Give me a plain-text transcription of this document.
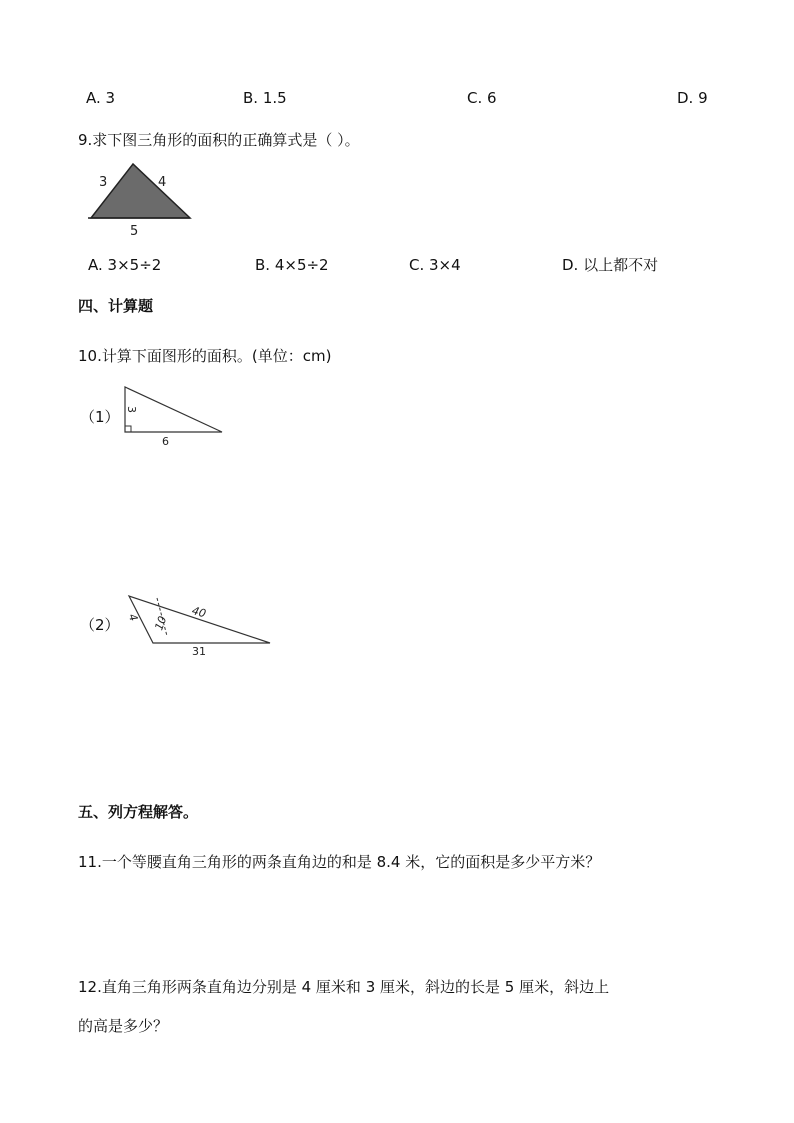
A. 3	B. 1.5	C. 6	D. 9
9.求下图三角形的面积的正确算式是（ ）。
3	4
5
A. 3×5÷2	B. 4×5÷2	C. 3×4	D. 以上都不对
四、计算题
10.计算下面图形的面积。(单位：cm)
（1） 3
6
（2） 4 10
40
31
五、列方程解答。
11.一个等腰直角三角形的两条直角边的和是 8.4 米，它的面积是多少平方米？
12.直角三角形两条直角边分别是 4 厘米和 3 厘米，斜边的长是 5 厘米，斜边上
的高是多少？
